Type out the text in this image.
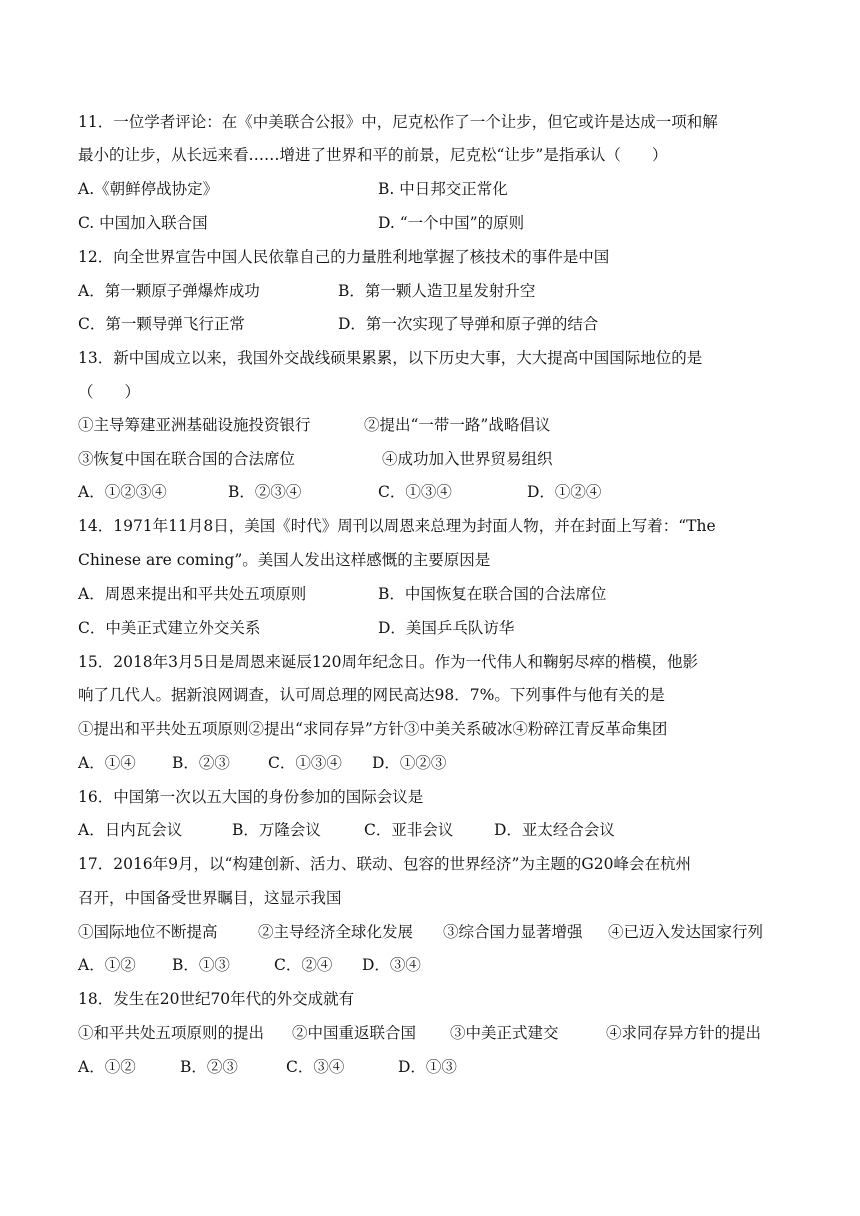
11．一位学者评论：在《中美联合公报》中，尼克松作了一个让步，但它或许是达成一项和解
最小的让步，从长远来看……增进了世界和平的前景，尼克松“让步”是指承认（　　）
A.《朝鲜停战协定》	B. 中日邦交正常化
C. 中国加入联合国	D. “一个中国”的原则
12．向全世界宣告中国人民依靠自己的力量胜利地掌握了核技术的事件是中国
A．第一颗原子弹爆炸成功	B．第一颗人造卫星发射升空
C．第一颗导弹飞行正常	D．第一次实现了导弹和原子弹的结合
13．新中国成立以来，我国外交战线硕果累累，以下历史大事，大大提高中国国际地位的是
（　　）
①主导筹建亚洲基础设施投资银行	②提出“一带一路”战略倡议
③恢复中国在联合国的合法席位	④成功加入世界贸易组织
A．①②③④	B．②③④	C．①③④	D．①②④
14．1971年11月8日，美国《时代》周刊以周恩来总理为封面人物，并在封面上写着：“The
Chinese are coming”。美国人发出这样感慨的主要原因是
A．周恩来提出和平共处五项原则	B．中国恢复在联合国的合法席位
C．中美正式建立外交关系	D．美国乒乓队访华
15．2018年3月5日是周恩来诞辰120周年纪念日。作为一代伟人和鞠躬尽瘁的楷模，他影
响了几代人。据新浪网调查，认可周总理的网民高达98．7%。下列事件与他有关的是
①提出和平共处五项原则②提出“求同存异”方针③中美关系破冰④粉碎江青反革命集团
A．①④ B．②③ C．①③④ D．①②③
16．中国第一次以五大国的身份参加的国际会议是
A．日内瓦会议	B．万隆会议	C．亚非会议	D．亚太经合会议
17．2016年9月，以“构建创新、活力、联动、包容的世界经济”为主题的G20峰会在杭州
召开，中国备受世界瞩目，这显示我国
①国际地位不断提高	②主导经济全球化发展 ③综合国力显著增强 ④已迈入发达国家行列
A．①② B．①③	C．②④ D．③④
18．发生在20世纪70年代的外交成就有
①和平共处五项原则的提出 ②中国重返联合国 ③中美正式建交	④求同存异方针的提出
A．①②	B．②③	C．③④	D．①③
